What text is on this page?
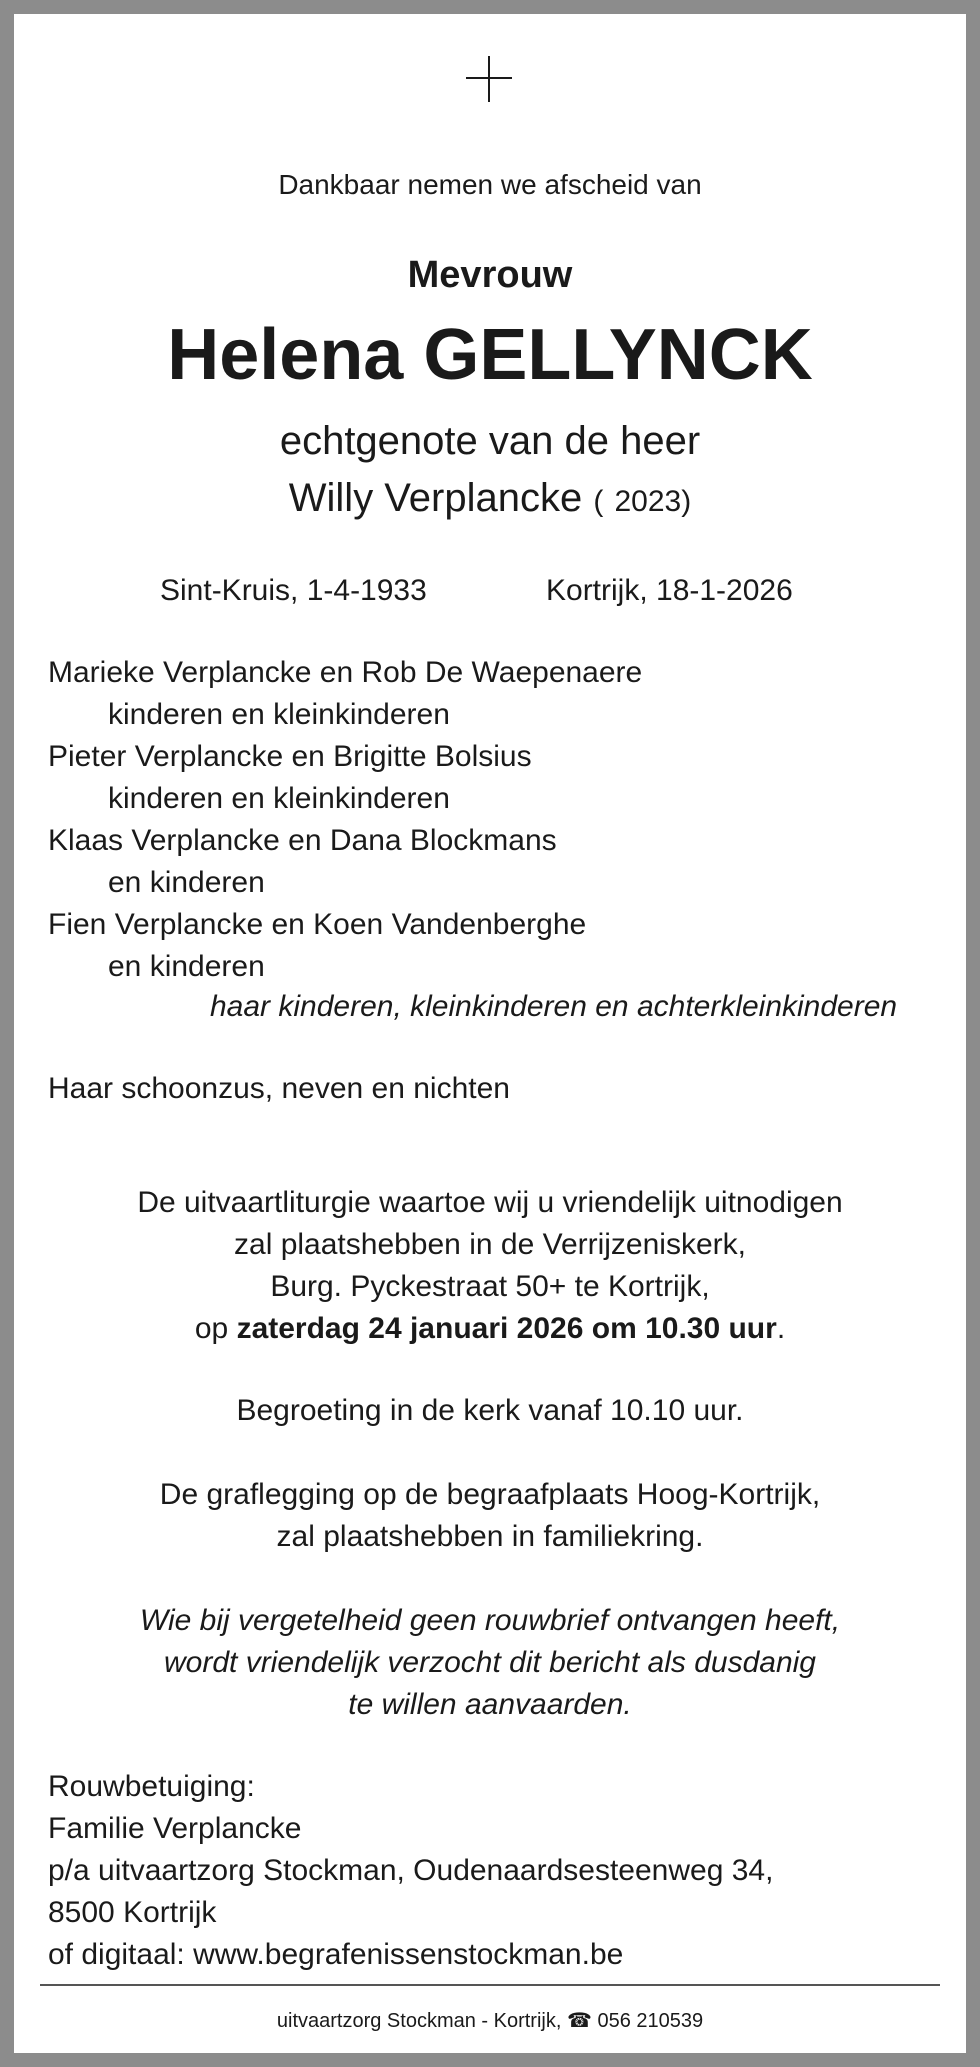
Dankbaar nemen we afscheid van
Mevrouw
Helena GELLYNCK
echtgenote van de heer
Willy Verplancke ( 2023)
Sint-Kruis, 1-4-1933	Kortrijk, 18-1-2026
Marieke Verplancke en Rob De Waepenaere
kinderen en kleinkinderen
Pieter Verplancke en Brigitte Bolsius
kinderen en kleinkinderen
Klaas Verplancke en Dana Blockmans
en kinderen
Fien Verplancke en Koen Vandenberghe
en kinderen
haar kinderen, kleinkinderen en achterkleinkinderen
Haar schoonzus, neven en nichten
De uitvaartliturgie waartoe wij u vriendelijk uitnodigen
zal plaatshebben in de Verrijzeniskerk,
Burg. Pyckestraat 50+ te Kortrijk,
op zaterdag 24 januari 2026 om 10.30 uur.
Begroeting in de kerk vanaf 10.10 uur.
De graflegging op de begraafplaats Hoog-Kortrijk,
zal plaatshebben in familiekring.
Wie bij vergetelheid geen rouwbrief ontvangen heeft,
wordt vriendelijk verzocht dit bericht als dusdanig
te willen aanvaarden.
Rouwbetuiging:
Familie Verplancke
p/a uitvaartzorg Stockman, Oudenaardsesteenweg 34,
8500 Kortrijk
of digitaal: www.begrafenissenstockman.be
uitvaartzorg Stockman - Kortrijk, ☎ 056 210539
